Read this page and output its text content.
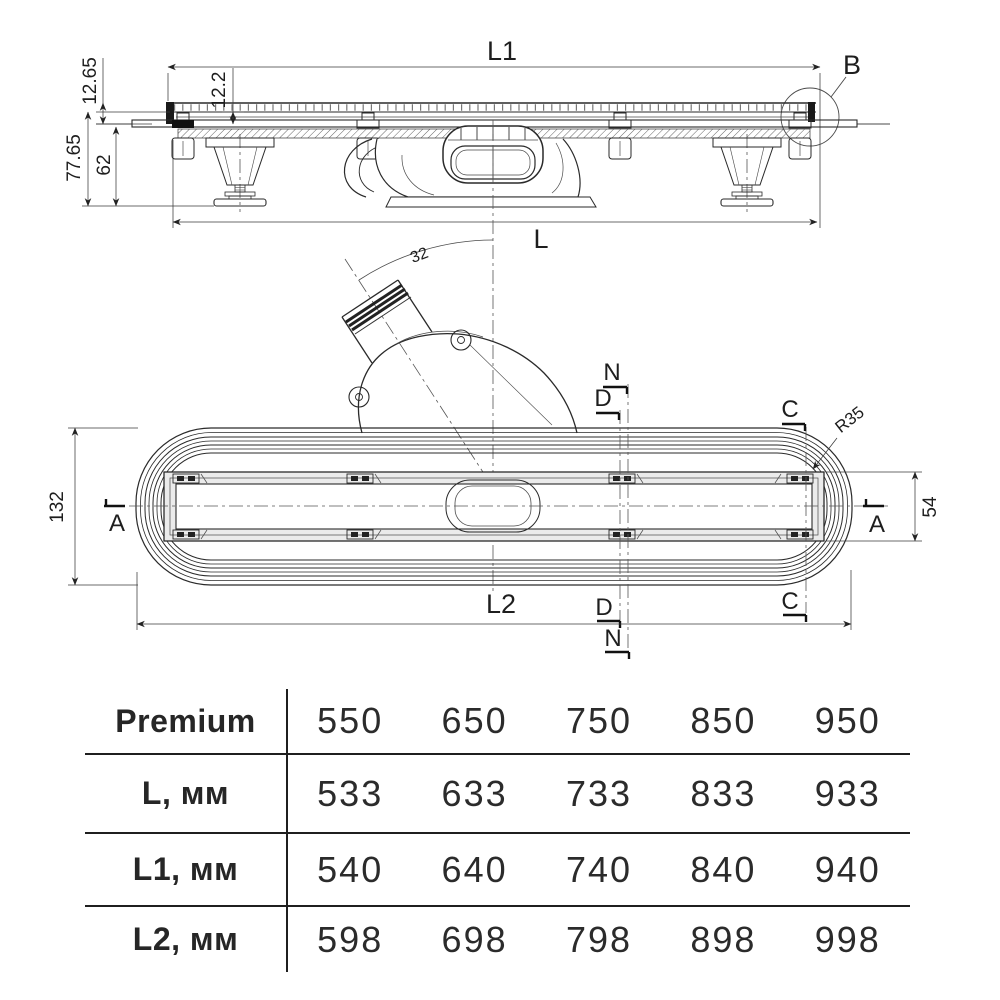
L1	B
77.65 62
12.65	12.2
L
32
N
D	C
N
D	C
A	A
R35
132	54
L2
Premium	550	650	750	850	950
L, мм	533	633	733	833	933
L1, мм	540	640	740	840	940
L2, мм	598	698	798	898	998
